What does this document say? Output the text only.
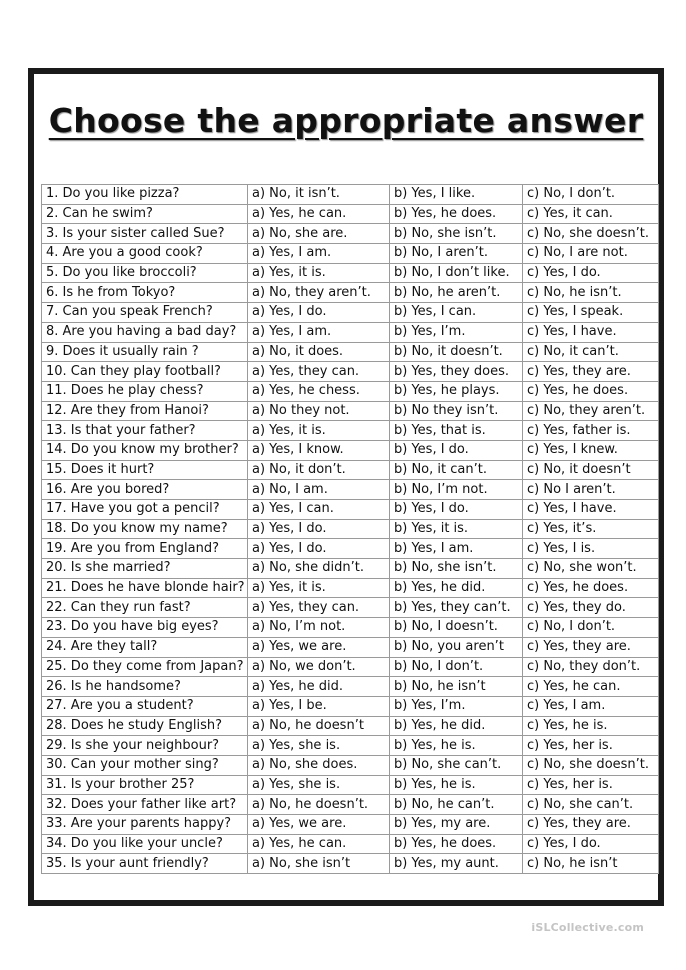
Choose the appropriate answer
1. Do you like pizza?	a) No, it isn’t.	b) Yes, I like.	c) No, I don’t.
2. Can he swim?	a) Yes, he can.	b) Yes, he does.	c) Yes, it can.
3. Is your sister called Sue?	a) No, she are.	b) No, she isn’t.	c) No, she doesn’t.
4. Are you a good cook?	a) Yes, I am.	b) No, I aren’t.	c) No, I are not.
5. Do you like broccoli?	a) Yes, it is.	b) No, I don’t like.	c) Yes, I do.
6. Is he from Tokyo?	a) No, they aren’t.	b) No, he aren’t.	c) No, he isn’t.
7. Can you speak French?	a) Yes, I do.	b) Yes, I can.	c) Yes, I speak.
8. Are you having a bad day?	a) Yes, I am.	b) Yes, I’m.	c) Yes, I have.
9. Does it usually rain ?	a) No, it does.	b) No, it doesn’t.	c) No, it can’t.
10. Can they play football?	a) Yes, they can.	b) Yes, they does.	c) Yes, they are.
11. Does he play chess?	a) Yes, he chess.	b) Yes, he plays.	c) Yes, he does.
12. Are they from Hanoi?	a) No they not.	b) No they isn’t.	c) No, they aren’t.
13. Is that your father?	a) Yes, it is.	b) Yes, that is.	c) Yes, father is.
14. Do you know my brother?	a) Yes, I know.	b) Yes, I do.	c) Yes, I knew.
15. Does it hurt?	a) No, it don’t.	b) No, it can’t.	c) No, it doesn’t
16. Are you bored?	a) No, I am.	b) No, I’m not.	c) No I aren’t.
17. Have you got a pencil?	a) Yes, I can.	b) Yes, I do.	c) Yes, I have.
18. Do you know my name?	a) Yes, I do.	b) Yes, it is.	c) Yes, it’s.
19. Are you from England?	a) Yes, I do.	b) Yes, I am.	c) Yes, I is.
20. Is she married?	a) No, she didn’t.	b) No, she isn’t.	c) No, she won’t.
21. Does he have blonde hair?	a) Yes, it is.	b) Yes, he did.	c) Yes, he does.
22. Can they run fast?	a) Yes, they can.	b) Yes, they can’t.	c) Yes, they do.
23. Do you have big eyes?	a) No, I’m not.	b) No, I doesn’t.	c) No, I don’t.
24. Are they tall?	a) Yes, we are.	b) No, you aren’t	c) Yes, they are.
25. Do they come from Japan?	a) No, we don’t.	b) No, I don’t.	c) No, they don’t.
26. Is he handsome?	a) Yes, he did.	b) No, he isn’t	c) Yes, he can.
27. Are you a student?	a) Yes, I be.	b) Yes, I’m.	c) Yes, I am.
28. Does he study English?	a) No, he doesn’t	b) Yes, he did.	c) Yes, he is.
29. Is she your neighbour?	a) Yes, she is.	b) Yes, he is.	c) Yes, her is.
30. Can your mother sing?	a) No, she does.	b) No, she can’t.	c) No, she doesn’t.
31. Is your brother 25?	a) Yes, she is.	b) Yes, he is.	c) Yes, her is.
32. Does your father like art?	a) No, he doesn’t.	b) No, he can’t.	c) No, she can’t.
33. Are your parents happy?	a) Yes, we are.	b) Yes, my are.	c) Yes, they are.
34. Do you like your uncle?	a) Yes, he can.	b) Yes, he does.	c) Yes, I do.
35. Is your aunt friendly?	a) No, she isn’t	b) Yes, my aunt.	c) No, he isn’t
iSLCollective.com
